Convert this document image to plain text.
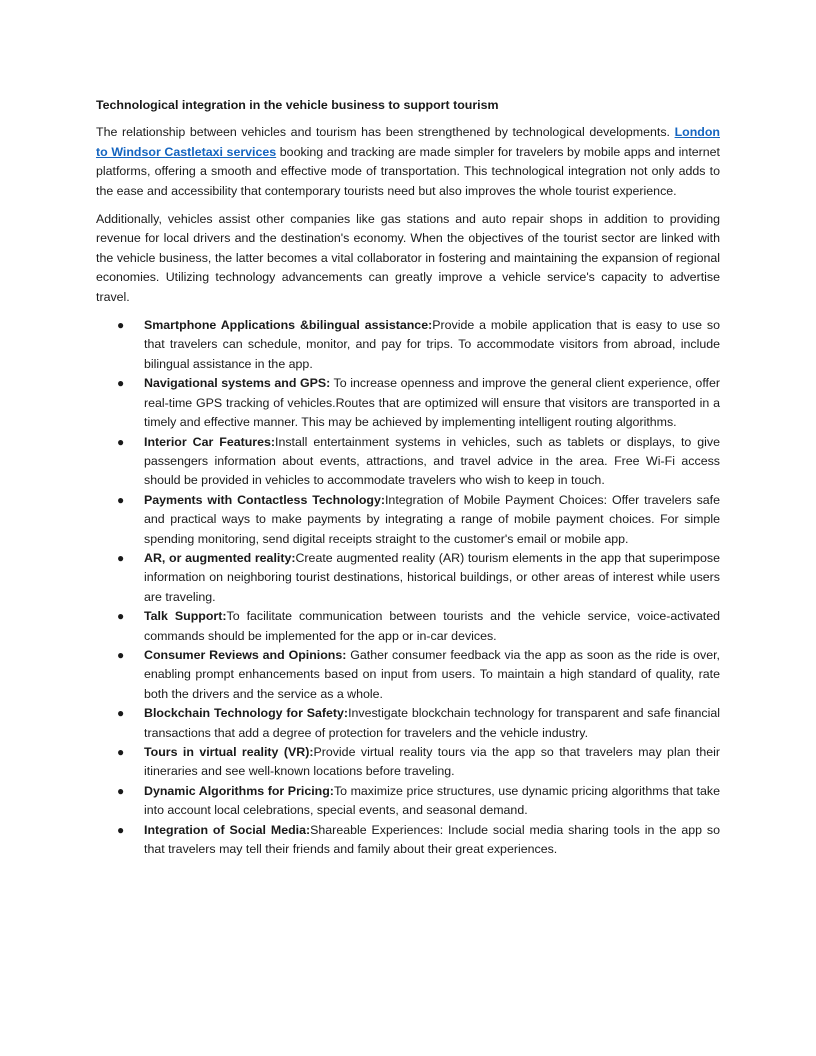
Technological integration in the vehicle business to support tourism

The relationship between vehicles and tourism has been strengthened by technological developments. London to Windsor Castletaxi services booking and tracking are made simpler for travelers by mobile apps and internet platforms, offering a smooth and effective mode of transportation. This technological integration not only adds to the ease and accessibility that contemporary tourists need but also improves the whole tourist experience.

Additionally, vehicles assist other companies like gas stations and auto repair shops in addition to providing revenue for local drivers and the destination's economy. When the objectives of the tourist sector are linked with the vehicle business, the latter becomes a vital collaborator in fostering and maintaining the expansion of regional economies. Utilizing technology advancements can greatly improve a vehicle service's capacity to advertise travel.

● Smartphone Applications &bilingual assistance:Provide a mobile application that is easy to use so that travelers can schedule, monitor, and pay for trips. To accommodate visitors from abroad, include bilingual assistance in the app.
● Navigational systems and GPS: To increase openness and improve the general client experience, offer real-time GPS tracking of vehicles.Routes that are optimized will ensure that visitors are transported in a timely and effective manner. This may be achieved by implementing intelligent routing algorithms.
● Interior Car Features:Install entertainment systems in vehicles, such as tablets or displays, to give passengers information about events, attractions, and travel advice in the area. Free Wi-Fi access should be provided in vehicles to accommodate travelers who wish to keep in touch.
● Payments with Contactless Technology:Integration of Mobile Payment Choices: Offer travelers safe and practical ways to make payments by integrating a range of mobile payment choices. For simple spending monitoring, send digital receipts straight to the customer's email or mobile app.
● AR, or augmented reality:Create augmented reality (AR) tourism elements in the app that superimpose information on neighboring tourist destinations, historical buildings, or other areas of interest while users are traveling.
● Talk Support:To facilitate communication between tourists and the vehicle service, voice-activated commands should be implemented for the app or in-car devices.
● Consumer Reviews and Opinions: Gather consumer feedback via the app as soon as the ride is over, enabling prompt enhancements based on input from users. To maintain a high standard of quality, rate both the drivers and the service as a whole.
● Blockchain Technology for Safety:Investigate blockchain technology for transparent and safe financial transactions that add a degree of protection for travelers and the vehicle industry.
● Tours in virtual reality (VR):Provide virtual reality tours via the app so that travelers may plan their itineraries and see well-known locations before traveling.
● Dynamic Algorithms for Pricing:To maximize price structures, use dynamic pricing algorithms that take into account local celebrations, special events, and seasonal demand.
● Integration of Social Media:Shareable Experiences: Include social media sharing tools in the app so that travelers may tell their friends and family about their great experiences.
